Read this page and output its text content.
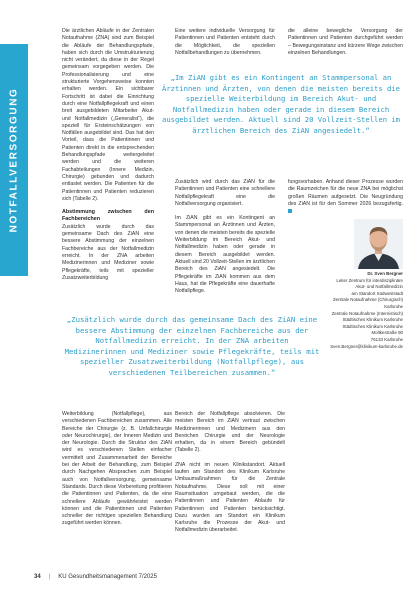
NOTFALLVERSORGUNG

Die ärztlichen Abläufe in der Zentralen Notaufnahme (ZNA) sind zum Beispiel die Abläufe der Behandlungspfade, haben sich durch die Umstrukturierung nicht verändert, da diese in der Regel gemeinsam vorgegeben werden. Die Professionalisierung und eine strukturierte Vorgehensweise konnten erhalten werden. Ein sichtbarer Fortschritt ist dabei die Einrichtung durch eine Notfallpflegekraft und einen breit ausgebildeten Mitarbeiter Akut- und Notfallmedizin („Generalist“), die speziell für Ersteinschätzungen von Notfällen ausgebildet sind. Das hat den Vorteil, dass die Patientinnen und Patienten direkt in die entsprechenden Behandlungspfade weitergeleitet werden und die weiteren Fachabteilungen (Innere Medizin, Chirurgie) gebunden und dadurch entlastet werden. Die Patienten für die Patientinnen und Patienten reduzieren sich (Tabelle 2).

Abstimmung zwischen den Fachbereichen

Zusätzlich wurde durch das gemeinsame Dach des ZiAN eine bessere Abstimmung der einzelnen Fachbereiche aus der Notfallmedizin erreicht. In der ZNA arbeiten Medizinerinnen und Mediziner sowie Pflegekräfte, teils mit spezieller Zusatzweiterbildung

Eine weitere individuelle Versorgung für Patientinnen und Patienten entsteht durch die Möglichkeit, die speziellen Notfallbehandlungen zu übernehmen.

die alleine bewegliche Versorgung der Patientinnen und Patienten durchgeführt werden – Bewegungsinstanz und kürzere Wege zwischen einzelnen Behandlungen.

„Im ZiAN gibt es ein Kontingent an Stammpersonal an Ärztinnen und Ärzten, von denen die meisten bereits die spezielle Weiterbildung im Bereich Akut- und Notfallmedizin haben oder gerade in diesem Bereich ausgebildet werden. Aktuell sind 20 Vollzeit-Stellen im ärztlichen Bereich des ZiAN angesiedelt.“

Zusätzlich wird durch das ZiAN für die Patientinnen und Patienten eine schnellere Notfallpflegekraft eine die Notfallversorgung organisiert.

Im ZiAN gibt es ein Kontingent an Stammpersonal an Ärztinnen und Ärzten, von denen die meisten bereits die spezielle Weiterbildung im Bereich Akut- und Notfallmedizin haben oder gerade in diesem Bereich ausgebildet werden. Aktuell sind 20 Vollzeit-Stellen im ärztlichen Bereich des ZiAN angesiedelt. Die Pflegekräfte im ZiAN kommen aus dem Haus, hat die Pflegekräfte eine dauerhafte Notfallpflege.

fungsvorhaben. Anhand dieser Prozesse wurden die Raumzeichen für die neue ZNA bei möglichst großen Räumen aufgesetzt. Die Neugründung des ZiAN ist für den Sommer 2026 bezugsfertig.

Dr. Sven Bergner
Leiter Zentrum für interdisziplinäre
Akut- und Notfallmedizin
am Standort Südweststadt
Zentrale Notaufnahme (Chirurgisch)
Karlsruhe
Zentrale Notaufnahme (Internistisch)
Städtisches Klinikum Karlsruhe
Städtisches Klinikum Karlsruhe
Moltkestraße 90
76133 Karlsruhe
Sven.Bergner@klinikum-karlsruhe.de
„Zusätzlich wurde durch das gemeinsame Dach des ZiAN eine bessere Abstimmung der einzelnen Fachbereiche aus der Notfallmedizin erreicht. In der ZNA arbeiten Medizinerinnen und Mediziner sowie Pflegekräfte, teils mit spezieller Zusatzweiterbildung (Notfallpflege), aus verschiedenen Teilbereichen zusammen.“

Weiterbildung (Notfallpflege), aus verschiedenen Fachbereichen zusammen. Alle Bereiche der Chirurgie (z. B. Unfallchirurgie oder Neurochirurgie), der Inneren Medizin und der Neurologie. Durch die Struktur des ZiAN wird es verschiedenen Stellen einfacher vermittelt und Zusammenarbeit der Bereiche bei der Arbeit der Behandlung, zum Beispiel durch Nachgehen Absprachen zum Beispiel auch von Notfallversorgung, gemeinsame Standards. Durch diese Vorbereitung profitieren die Patientinnen und Patienten, da die eine schnellere Abläufe gewährleistet werden können und die Patientinnen und Patienten schneller der richtigen speziellen Behandlung zugeführt werden können.

Bereich der Notfallpflege absolvieren. Die meisten Bereich im ZiAN vertraut zwischen Medizinerinnen und Medizinern aus den Bereichen Chirurgie und der Neurologie erhalten, da in einem Bereich gebündelt (Tabelle 2).

ZNA nicht im neuen Klinikstandort. Aktuell laufen am Standort des Klinikum Karlsruhe Umbaumaßnahmen für die Zentrale Notaufnahme. Diese soll mit einer Raumsituation umgebaut werden, die die Patientinnen und Patienten Ablaufe für Patientinnen und Patienten berücksichtigt. Dazu wurden am Standort ein Klinikum Karlsruhe die Prozesse der Akut- und Notfallmedizin überarbeitet.

34 | KU Gesundheitsmanagement 7/2025
